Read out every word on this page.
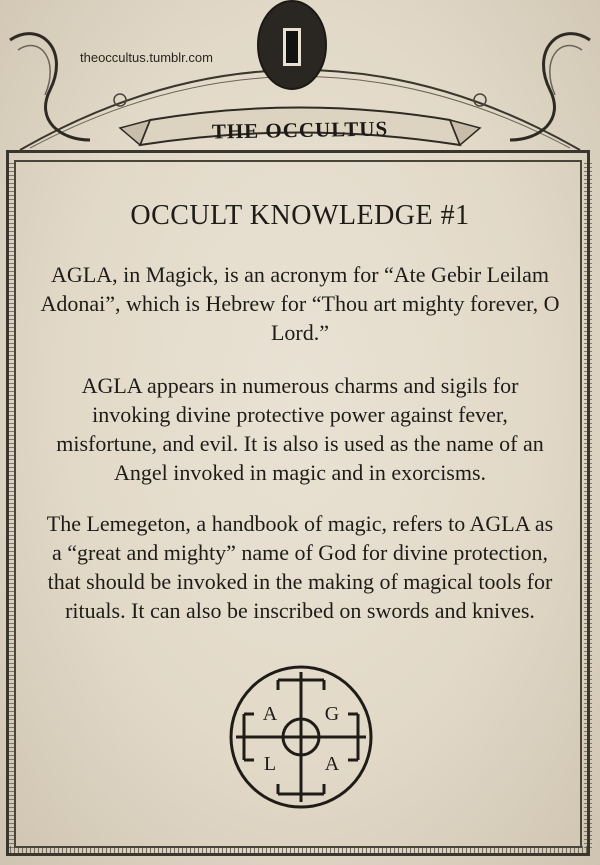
theoccultus.tumblr.com
THE OCCULTUS
OCCULT KNOWLEDGE #1
AGLA, in Magick, is an acronym for “Ate Gebir Leilam Adonai”, which is Hebrew for “Thou art mighty forever, O Lord.”
AGLA appears in numerous charms and sigils for invoking divine protective power against fever, misfortune, and evil. It is also is used as the name of an Angel invoked in magic and in exorcisms.
The Lemegeton, a handbook of magic, refers to AGLA as a “great and mighty” name of God for divine protection, that should be invoked in the making of magical tools for rituals. It can also be inscribed on swords and knives.
A G
L A
